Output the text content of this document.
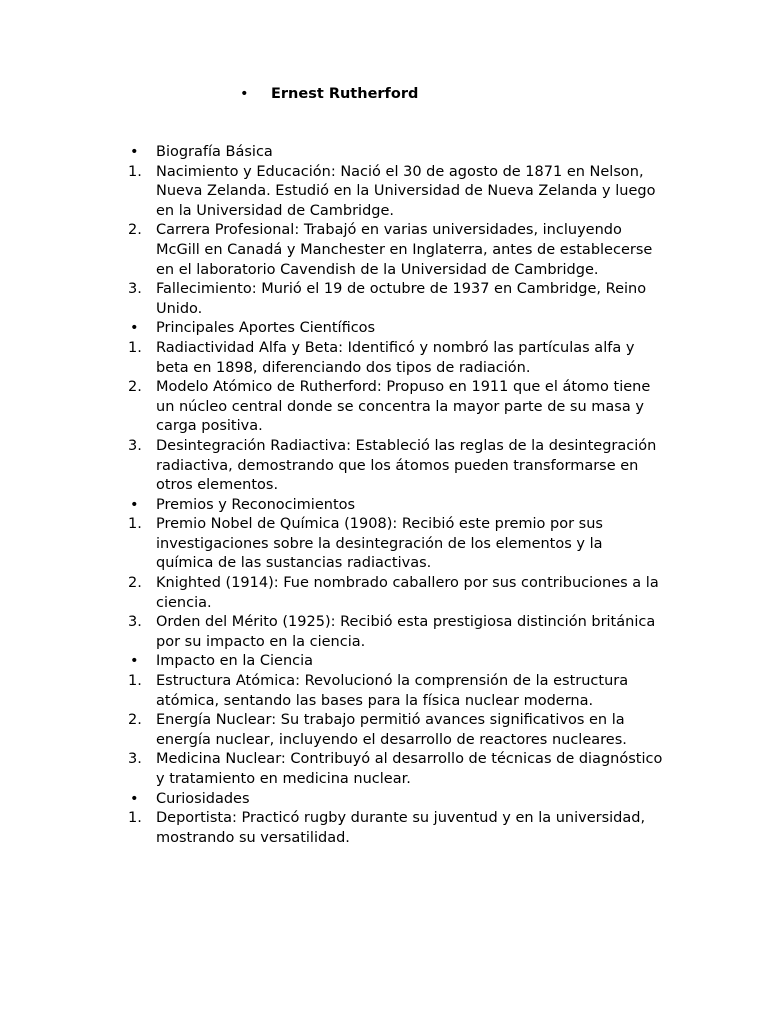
•	Ernest Rutherford
•	Biografía Básica
1. Nacimiento y Educación: Nació el 30 de agosto de 1871 en Nelson, Nueva Zelanda. Estudió en la Universidad de Nueva Zelanda y luego en la Universidad de Cambridge.
2. Carrera Profesional: Trabajó en varias universidades, incluyendo McGill en Canadá y Manchester en Inglaterra, antes de establecerse en el laboratorio Cavendish de la Universidad de Cambridge.
3. Fallecimiento: Murió el 19 de octubre de 1937 en Cambridge, Reino Unido.
•	Principales Aportes Científicos
1. Radiactividad Alfa y Beta: Identificó y nombró las partículas alfa y beta en 1898, diferenciando dos tipos de radiación.
2. Modelo Atómico de Rutherford: Propuso en 1911 que el átomo tiene un núcleo central donde se concentra la mayor parte de su masa y carga positiva.
3. Desintegración Radiactiva: Estableció las reglas de la desintegración radiactiva, demostrando que los átomos pueden transformarse en otros elementos.
•	Premios y Reconocimientos
1. Premio Nobel de Química (1908): Recibió este premio por sus investigaciones sobre la desintegración de los elementos y la química de las sustancias radiactivas.
2. Knighted (1914): Fue nombrado caballero por sus contribuciones a la ciencia.
3. Orden del Mérito (1925): Recibió esta prestigiosa distinción británica por su impacto en la ciencia.
•	Impacto en la Ciencia
1. Estructura Atómica: Revolucionó la comprensión de la estructura atómica, sentando las bases para la física nuclear moderna.
2. Energía Nuclear: Su trabajo permitió avances significativos en la energía nuclear, incluyendo el desarrollo de reactores nucleares.
3. Medicina Nuclear: Contribuyó al desarrollo de técnicas de diagnóstico y tratamiento en medicina nuclear.
•	Curiosidades
1. Deportista: Practicó rugby durante su juventud y en la universidad, mostrando su versatilidad.
